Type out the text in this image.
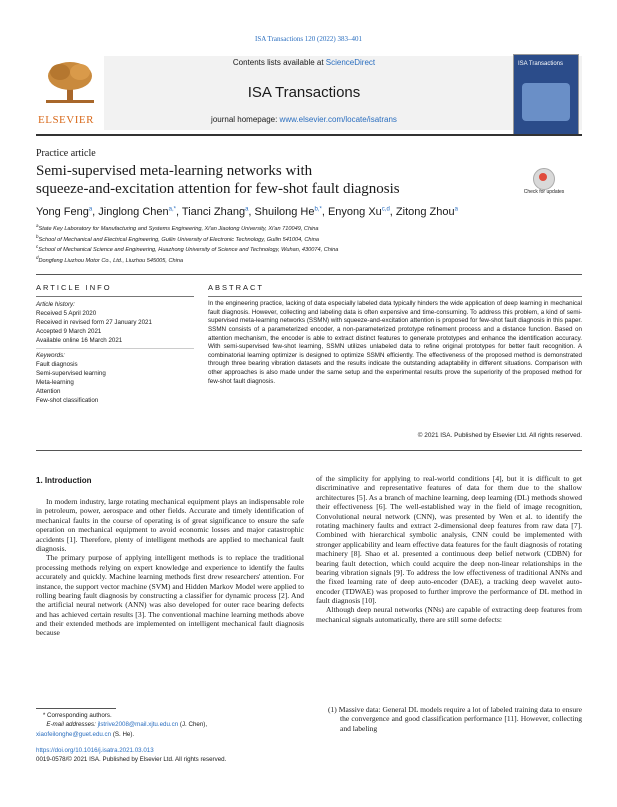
ISA Transactions 120 (2022) 383–401
ELSEVIER
Contents lists available at ScienceDirect
ISA Transactions
journal homepage: www.elsevier.com/locate/isatrans
ISA Transactions
Practice article
Semi-supervised meta-learning networks with
squeeze-and-excitation attention for few-shot fault diagnosis	Check for updates
Yong Feng$^a$, Jinglong Chen$^{a,*}$, Tianci Zhang$^a$, Shuilong $He^{b,*}$, Enyong Xu$^{c,d}$, Zitong Zhou$^a$
$^a$State Key Laboratory for Manufacturing and Systems Engineering, Xi'an Jiaotong University, Xi'an 710049, China
$^b$School of Mechanical and Electrical Engineering, Guilin University of Electronic Technology, Guilin 541004, China
$^c$School of Mechanical Science and Engineering, Huazhong University of Science and Technology, Wuhan, 430074, China
$^d$Dongfeng Liuzhou Motor Co., Ltd., Liuzhou 545005, China
ARTICLE INFO	ABSTRACT
Article history:
Received 5 April 2020
Received in revised form 27 January 2021
Accepted 9 March 2021
Available online 16 March 2021
Keywords:
Fault diagnosis
Semi-supervised learning
Meta-learning
Attention
Few-shot classification
In the engineering practice, lacking of data especially labeled data typically hinders the wide application of deep learning in mechanical fault diagnosis. However, collecting and labeling data is often expensive and time-consuming. To address this problem, a kind of semi-supervised meta-learning networks (SSMN) with squeeze-and-excitation attention is proposed for few-shot fault diagnosis in this paper. SSMN consists of a parameterized encoder, a non-parameterized prototype refinement process and a distance function. Based on attention mechanism, the encoder is able to extract distinct features to generate prototypes and enhance the identification accuracy. With semi-supervised few-shot learning, SSMN utilizes unlabeled data to refine original prototypes for better fault recognition. A combinatorial learning optimizer is designed to optimize SSMN efficiently. The effectiveness of the proposed method is demonstrated through three bearing vibration datasets and the results indicate the outstanding adaptability in different situations. Comparison with other approaches is also made under the same setup and the experimental results prove the superiority of the proposed method for few-shot fault diagnosis.
© 2021 ISA. Published by Elsevier Ltd. All rights reserved.
1. Introduction

In modern industry, large rotating mechanical equipment plays an indispensable role in petroleum, power, aerospace and other fields. Accurate and timely identification of mechanical faults in the course of operating is of great significance to ensure the safe operation on mechanical equipment to avoid economic losses and major catastrophic accidents [1]. Therefore, plenty of intelligent methods are applied to mechanical fault diagnosis.

The primary purpose of applying intelligent methods is to replace the traditional processing methods relying on expert knowledge and experience to identify the faults accurately and quickly. Machine learning methods first drew researchers' attention. For instance, the support vector machine (SVM) and Hidden Markov Model were applied to rolling bearing fault diagnosis by constructing a classifier for dynamic process [2]. And the artificial neural network (ANN) was also developed for outer race bearing defects and has achieved certain results [3]. The conventional machine learning methods above and their extended methods are implemented on intelligent mechanical fault diagnosis because

of the simplicity for applying to real-world conditions [4], but it is difficult to get discriminative and representative features of data for them due to the shallow architectures [5]. As a branch of machine learning, deep learning (DL) methods showed their effectiveness [6]. The well-established way in the field of image recognition, Convolutional neural network (CNN), was presented by Wen et al. to identify the rotating machinery faults and extract 2-dimensional deep features from raw data [7]. Combined with hierarchical symbolic analysis, CNN could be implemented with stronger applicability and learn effective data features for the fault diagnosis of rotating machinery [8]. Shao et al. presented a continuous deep belief network (CDBN) for bearing fault detection, which could acquire the deep non-linear relationships in the bearing vibration signals [9]. To address the low effectiveness of traditional ANNs and the fixed learning rate of deep auto-encoder (DAE), a tracking deep wavelet auto-encoder (TDWAE) was proposed to further improve the performance of DL method in fault diagnosis [10].

Although deep neural networks (NNs) are capable of extracting deep features from mechanical signals automatically, there are still some defects:

(1) Massive data: General DL models require a lot of labeled training data to ensure the convergence and good classification performance [11]. However, collecting and labeling
* Corresponding authors.
E-mail addresses: jlstrive2008@mail.xjtu.edu.cn (J. Chen),
xiaofeilonghe@guet.edu.cn (S. He).
https://doi.org/10.1016/j.isatra.2021.03.013
0019-0578/© 2021 ISA. Published by Elsevier Ltd. All rights reserved.
